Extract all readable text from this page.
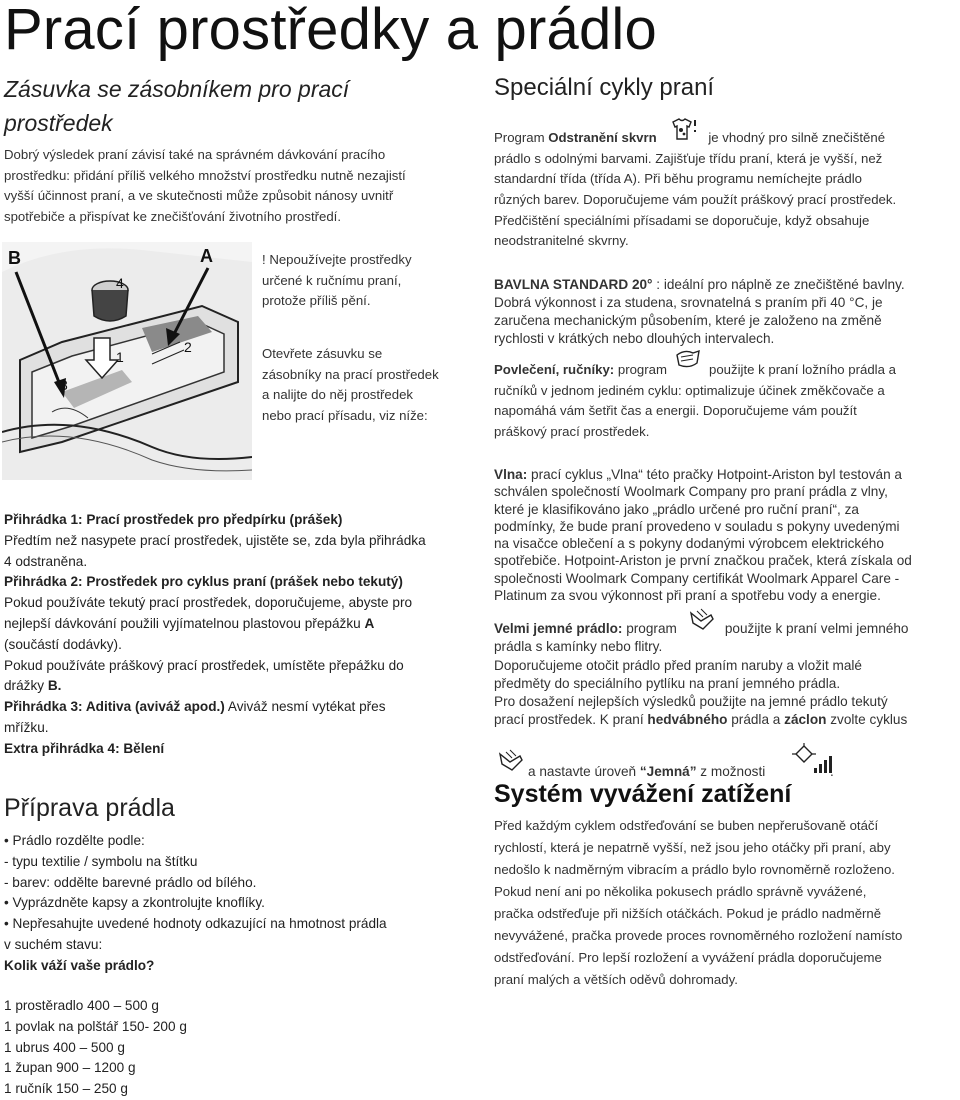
Prací prostředky a prádlo

Zásuvka se zásobníkem pro prací

prostředek

Dobrý výsledek praní závisí také na správném dávkování pracího
prostředku: přidání příliš velkého množství prostředku nutně nezajistí
vyšší účinnost praní, a ve skutečnosti může způsobit nánosy uvnitř
spotřebiče a přispívat ke znečišťování životního prostředí.
B	A
1
2
3
4
! Nepoužívejte prostředky
určené k ručnímu praní,
protože příliš pění.
Otevřete zásuvku se
zásobníky na prací prostředek
a nalijte do něj prostředek
nebo prací přísadu, viz níže:
Přihrádka 1: Prací prostředek pro předpírku (prášek)
Předtím než nasypete prací prostředek, ujistěte se, zda byla přihrádka
4 odstraněna.
Přihrádka 2: Prostředek pro cyklus praní (prášek nebo tekutý)
Pokud používáte tekutý prací prostředek, doporučujeme, abyste pro
nejlepší dávkování použili vyjímatelnou plastovou přepážku A
(součástí dodávky).
Pokud používáte práškový prací prostředek, umístěte přepážku do
drážky B.
Přihrádka 3: Aditiva (aviváž apod.) Aviváž nesmí vytékat přes
mřížku.
Extra přihrádka 4: Bělení
Příprava prádla
• Prádlo rozdělte podle:
- typu textilie / symbolu na štítku
- barev: oddělte barevné prádlo od bílého.
• Vyprázdněte kapsy a zkontrolujte knoflíky.
• Nepřesahujte uvedené hodnoty odkazující na hmotnost prádla
v suchém stavu:
Kolik váží vaše prádlo?
1 prostěradlo 400 – 500 g
1 povlak na polštář 150- 200 g
1 ubrus 400 – 500 g
1 župan 900 – 1200 g
1 ručník 150 – 250 g
Speciální cykly praní
Program Odstranění skvrn	je vhodný pro silně znečištěné
prádlo s odolnými barvami. Zajišťuje třídu praní, která je vyšší, než
standardní třída (třída A). Při běhu programu nemíchejte prádlo
různých barev. Doporučujeme vám použít práškový prací prostředek.
Předčištění speciálními přísadami se doporučuje, když obsahuje
neodstranitelné skvrny.
BAVLNA STANDARD 20° : ideální pro náplně ze znečištěné bavlny.
Dobrá výkonnost i za studena, srovnatelná s praním při 40 °C, je
zaručena mechanickým působením, které je založeno na změně
rychlosti v krátkých nebo dlouhých intervalech.
Povlečení, ručníky: program	použijte k praní ložního prádla a
ručníků v jednom jediném cyklu: optimalizuje účinek změkčovače a
napomáhá vám šetřit čas a energii. Doporučujeme vám použít
práškový prací prostředek.
Vlna: prací cyklus „Vlna“ této pračky Hotpoint-Ariston byl testován a
schválen společností Woolmark Company pro praní prádla z vlny,
které je klasifikováno jako „prádlo určené pro ruční praní“, za
podmínky, že bude praní provedeno v souladu s pokyny uvedenými
na visačce oblečení a s pokyny dodanými výrobcem elektrického
spotřebiče. Hotpoint-Ariston je první značkou praček, která získala od
společnosti Woolmark Company certifikát Woolmark Apparel Care -
Platinum za svou výkonnost při praní a spotřebu vody a energie.
Velmi jemné prádlo: program	použijte k praní velmi jemného
prádla s kamínky nebo flitry.
Doporučujeme otočit prádlo před praním naruby a vložit malé
předměty do speciálního pytlíku na praní jemného prádla.
Pro dosažení nejlepších výsledků použijte na jemné prádlo tekutý
prací prostředek. K praní hedvábného prádla a záclon zvolte cyklus
a nastavte úroveň “Jemná” z možnosti	.
Systém vyvážení zatížení
Před každým cyklem odstřeďování se buben nepřerušovaně otáčí
rychlostí, která je nepatrně vyšší, než jsou jeho otáčky při praní, aby
nedošlo k nadměrným vibracím a prádlo bylo rovnoměrně rozloženo.
Pokud není ani po několika pokusech prádlo správně vyvážené,
pračka odstřeďuje při nižších otáčkách. Pokud je prádlo nadměrně
nevyvážené, pračka provede proces rovnoměrného rozložení namísto
odstřeďování. Pro lepší rozložení a vyvážení prádla doporučujeme
praní malých a větších oděvů dohromady.
